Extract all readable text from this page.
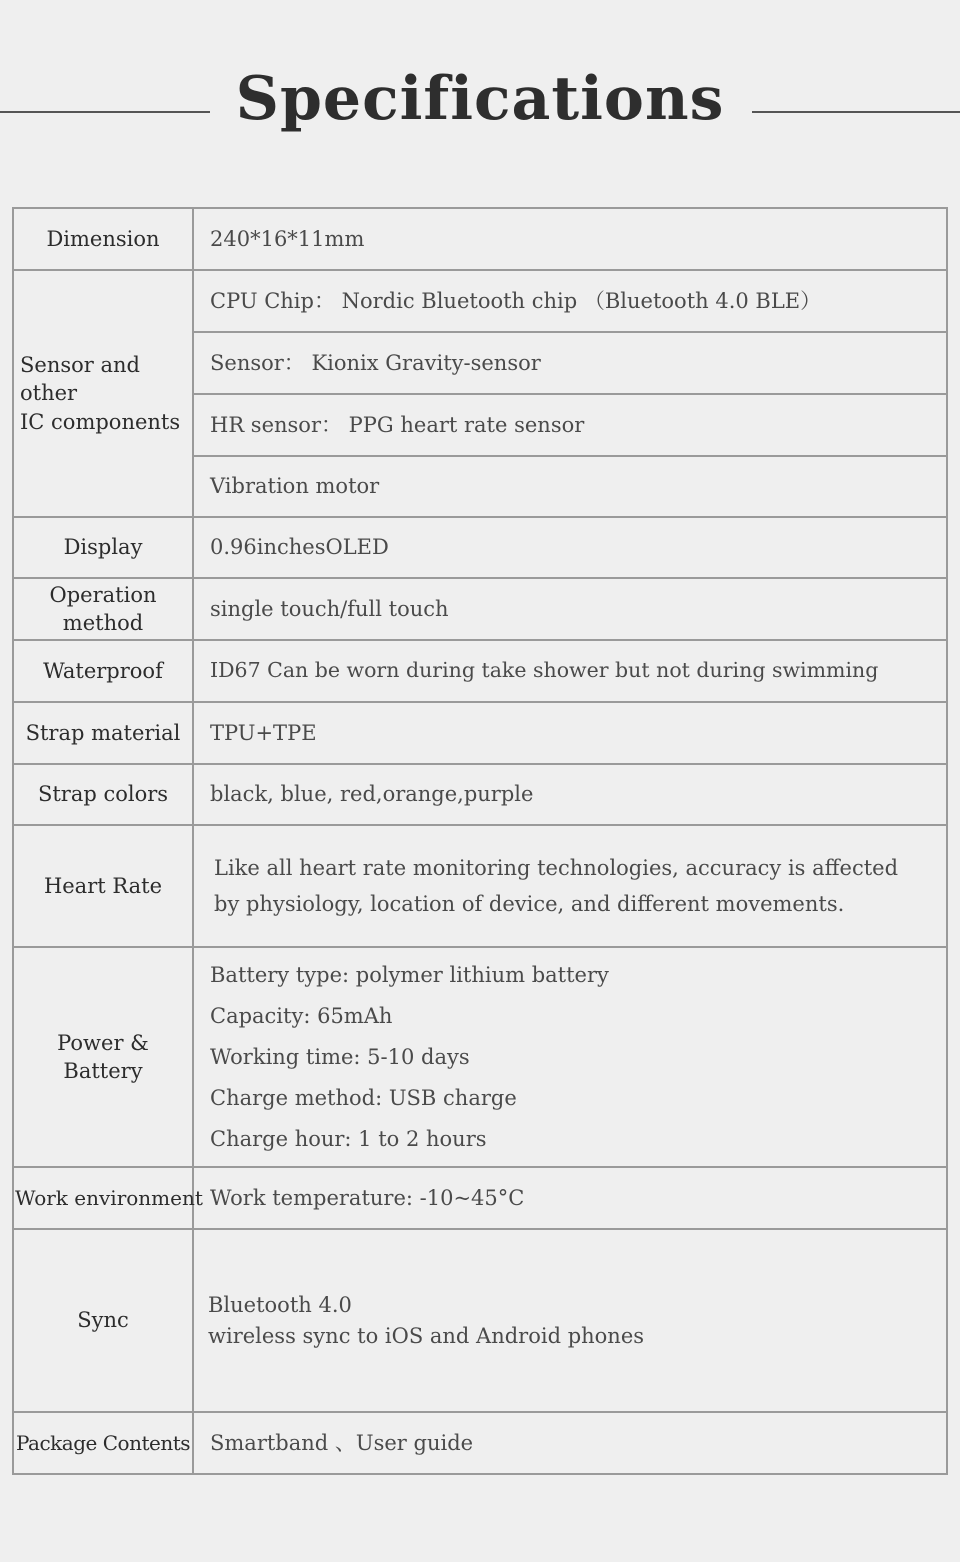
Specifications
Dimension	240*16*11mm

Sensor and other
IC components	CPU Chip： Nordic Bluetooth chip （Bluetooth 4.0 BLE）
	Sensor： Kionix Gravity-sensor
	HR sensor： PPG heart rate sensor
	Vibration motor
Display	0.96inchesOLED

Operation
method	single touch/full touch
Waterproof	ID67 Can be worn during take shower but not during swimming
Strap material	TPU+TPE
Strap colors	black, blue, red,orange,purple
Heart Rate	Like all heart rate monitoring technologies, accuracy is affected
by physiology, location of device, and different movements.

Power & Battery	Battery type: polymer lithium battery
Capacity: 65mAh
Working time: 5-10 days
Charge method: USB charge
Charge hour: 1 to 2 hours

Work environment	Work temperature: -10~45°C
Sync	Bluetooth 4.0
wireless sync to iOS and Android phones

Package Contents	Smartband 、User guide
